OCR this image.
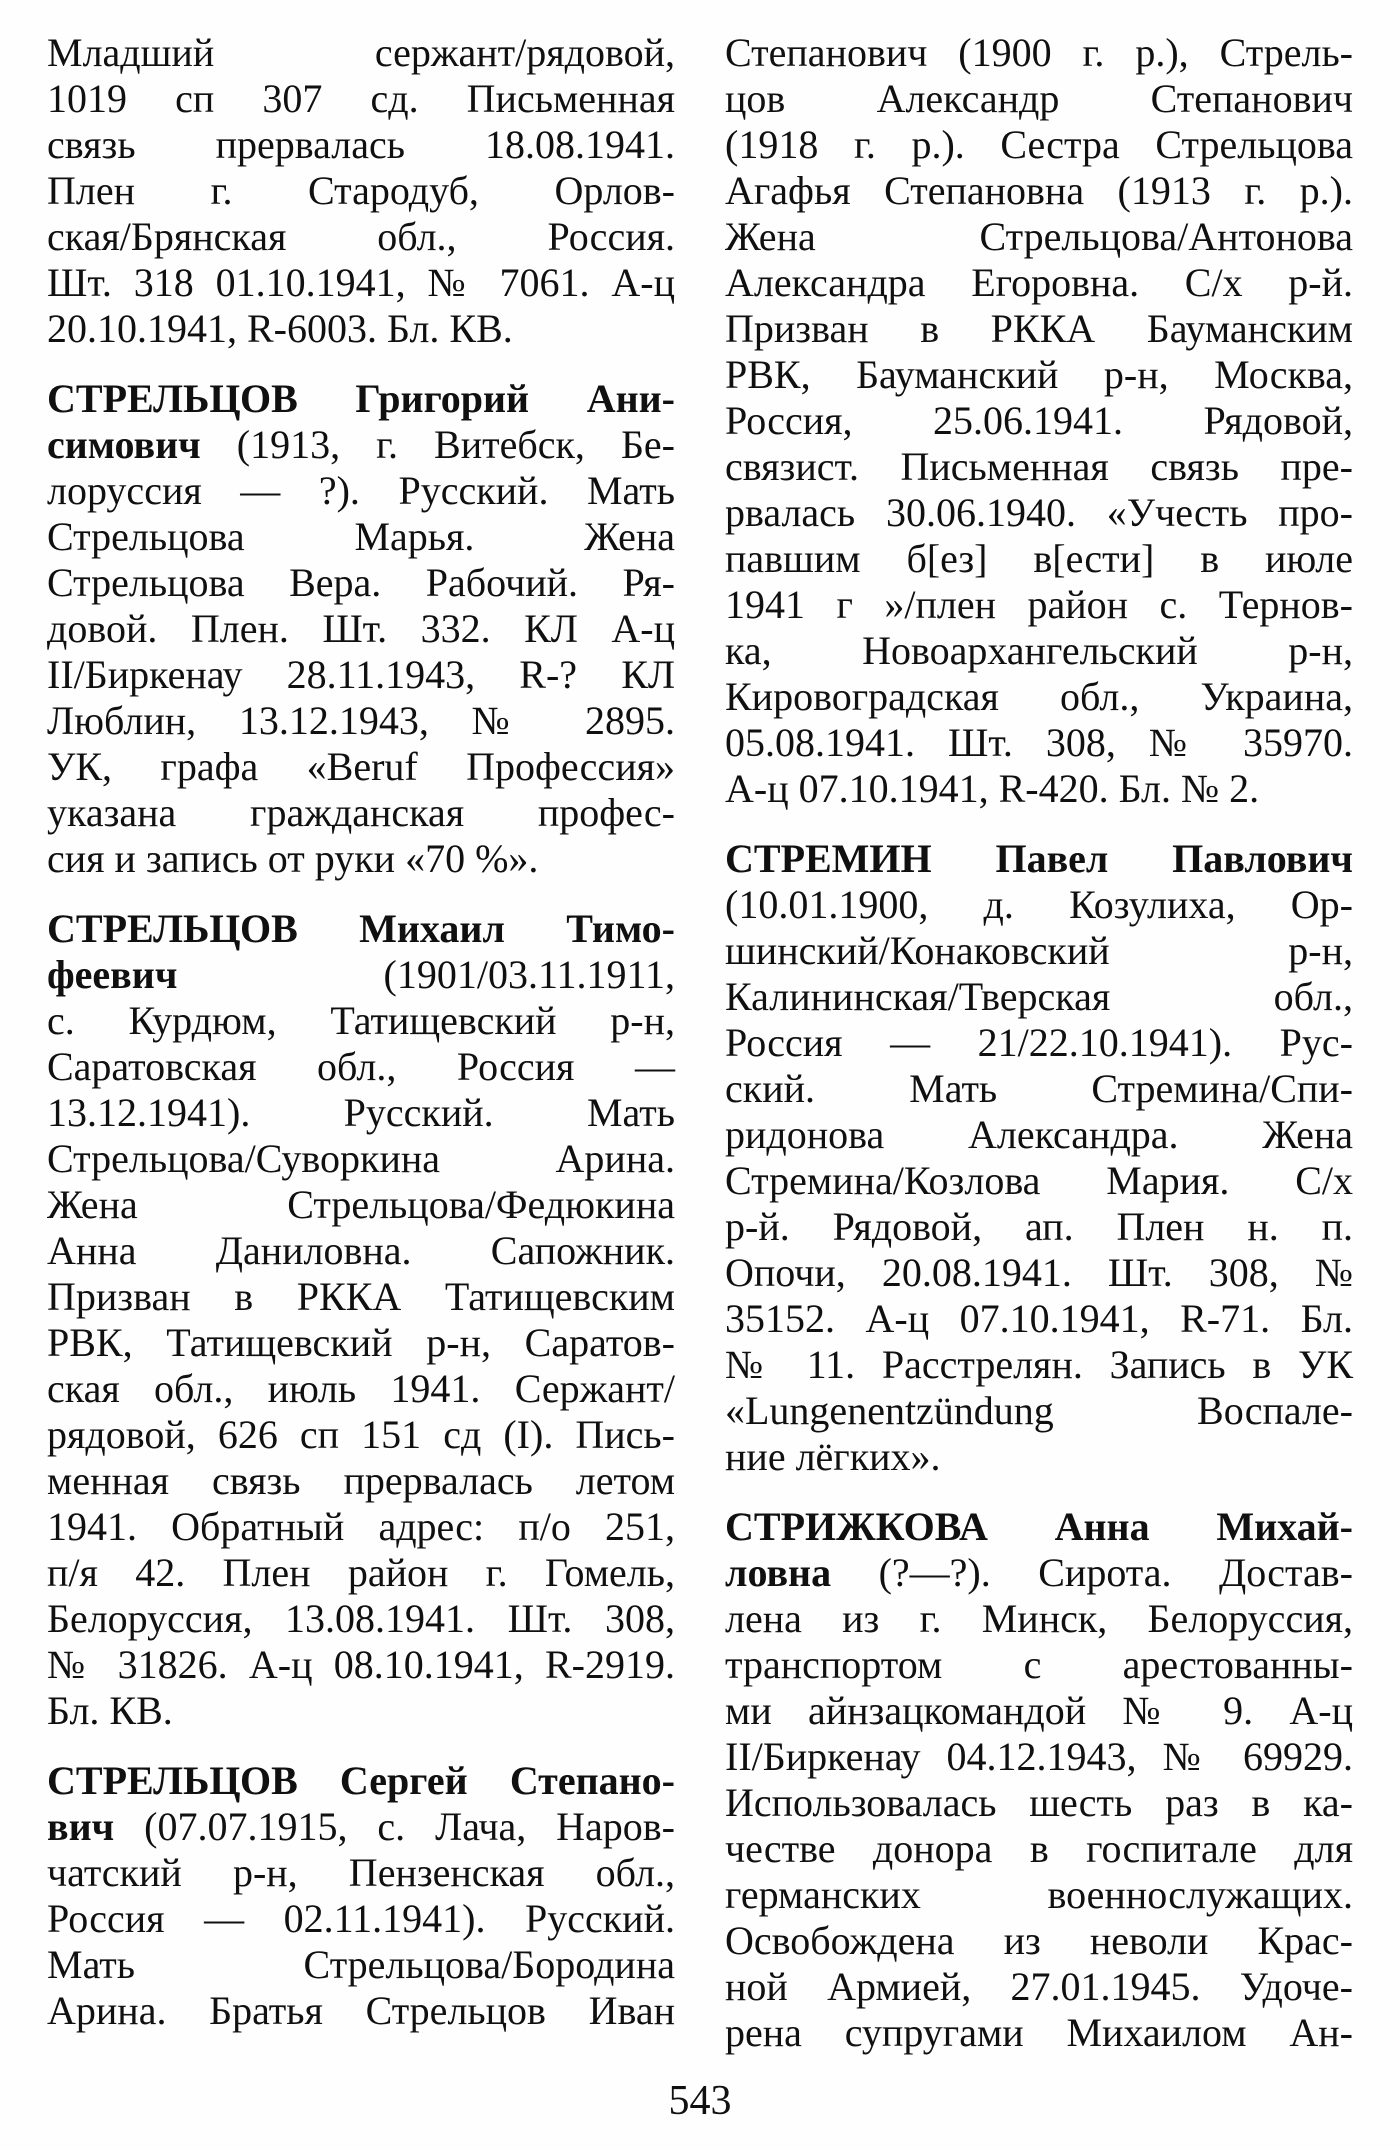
Младший сержант/рядовой,
1019 сп 307 сд. Письменная
связь прервалась 18.08.1941.
Плен г. Стародуб, Орлов-
ская/Брянская обл., Россия.
Шт. 318 01.10.1941, № 7061. А-ц
20.10.1941, R-6003. Бл. КВ.
СТРЕЛЬЦОВ Григорий Ани-
симович (1913, г. Витебск, Бе-
лоруссия — ?). Русский. Мать
Стрельцова Марья. Жена
Стрельцова Вера. Рабочий. Ря-
довой. Плен. Шт. 332. КЛ А-ц
II/Биркенау 28.11.1943, R-? КЛ
Люблин, 13.12.1943, № 2895.
УК, графа «Beruf Профессия»
указана гражданская профес-
сия и запись от руки «70 %».
СТРЕЛЬЦОВ Михаил Тимо-
феевич (1901/03.11.1911,
с. Курдюм, Татищевский р-н,
Саратовская обл., Россия —
13.12.1941). Русский. Мать
Стрельцова/Суворкина Арина.
Жена Стрельцова/Федюкина
Анна Даниловна. Сапожник.
Призван в РККА Татищевским
РВК, Татищевский р-н, Саратов-
ская обл., июль 1941. Сержант/
рядовой, 626 сп 151 сд (I). Пись-
менная связь прервалась летом
1941. Обратный адрес: п/о 251,
п/я 42. Плен район г. Гомель,
Белоруссия, 13.08.1941. Шт. 308,
№ 31826. А-ц 08.10.1941, R-2919.
Бл. КВ.
СТРЕЛЬЦОВ Сергей Степано-
вич (07.07.1915, с. Лача, Наров-
чатский р-н, Пензенская обл.,
Россия — 02.11.1941). Русский.
Мать Стрельцова/Бородина
Арина. Братья Стрельцов Иван
Степанович (1900 г. р.), Стрель-
цов Александр Степанович
(1918 г. р.). Сестра Стрельцова
Агафья Степановна (1913 г. р.).
Жена Стрельцова/Антонова
Александра Егоровна. С/х р-й.
Призван в РККА Бауманским
РВК, Бауманский р-н, Москва,
Россия, 25.06.1941. Рядовой,
связист. Письменная связь пре-
рвалась 30.06.1940. «Учесть про-
павшим б[ез] в[ести] в июле
1941 г »/плен район с. Тернов-
ка, Новоархангельский р-н,
Кировоградская обл., Украина,
05.08.1941. Шт. 308, № 35970.
А-ц 07.10.1941, R-420. Бл. № 2.
СТРЕМИН Павел Павлович
(10.01.1900, д. Козулиха, Ор-
шинский/Конаковский р-н,
Калининская/Тверская обл.,
Россия — 21/22.10.1941). Рус-
ский. Мать Стремина/Спи-
ридонова Александра. Жена
Стремина/Козлова Мария. С/х
р-й. Рядовой, ап. Плен н. п.
Опочи, 20.08.1941. Шт. 308, №
35152. А-ц 07.10.1941, R-71. Бл.
№ 11. Расстрелян. Запись в УК
«Lungenentzündung Воспале-
ние лёгких».
СТРИЖКОВА Анна Михай-
ловна (?—?). Сирота. Достав-
лена из г. Минск, Белоруссия,
транспортом с арестованны-
ми айнзацкомандой № 9. А-ц
II/Биркенау 04.12.1943, № 69929.
Использовалась шесть раз в ка-
честве донора в госпитале для
германских военнослужащих.
Освобождена из неволи Крас-
ной Армией, 27.01.1945. Удоче-
рена супругами Михаилом Ан-
543
